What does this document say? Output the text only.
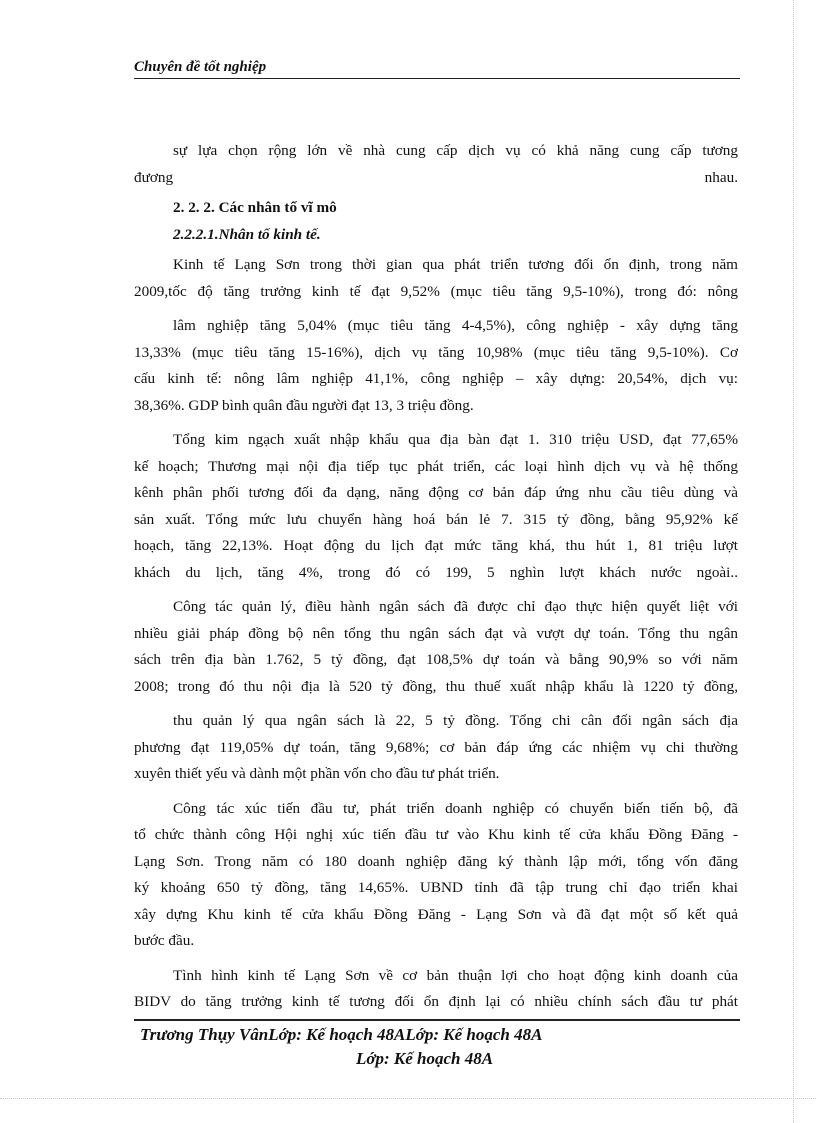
Chuyên đề tốt nghiệp
sự lựa chọn rộng lớn về nhà cung cấp dịch vụ có khả năng cung cấp tương
đương	nhau.
2. 2. 2. Các nhân tố vĩ mô
2.2.2.1.Nhân tố kinh tế.
Kinh tế Lạng Sơn trong thời gian qua phát triển tương đối ổn định, trong năm
2009,tốc độ tăng trưởng kinh tế đạt 9,52% (mục tiêu tăng 9,5-10%), trong đó: nông
lâm nghiệp tăng 5,04% (mục tiêu tăng 4-4,5%), công nghiệp - xây dựng tăng
13,33% (mục tiêu tăng 15-16%), dịch vụ tăng 10,98% (mục tiêu tăng 9,5-10%). Cơ
cấu kinh tế: nông lâm nghiệp 41,1%, công nghiệp – xây dựng: 20,54%, dịch vụ:
38,36%. GDP bình quân đầu người đạt 13, 3 triệu đồng.
Tổng kim ngạch xuất nhập khẩu qua địa bàn đạt 1. 310 triệu USD, đạt 77,65%
kế hoạch; Thương mại nội địa tiếp tục phát triển, các loại hình dịch vụ và hệ thống
kênh phân phối tương đối đa dạng, năng động cơ bản đáp ứng nhu cầu tiêu dùng và
sản xuất. Tổng mức lưu chuyển hàng hoá bán lẻ 7. 315 tỷ đồng, bằng 95,92% kế
hoạch, tăng 22,13%. Hoạt động du lịch đạt mức tăng khá, thu hút 1, 81 triệu lượt
khách du lịch, tăng 4%, trong đó có 199, 5 nghìn lượt khách nước ngoài..
Công tác quản lý, điều hành ngân sách đã được chỉ đạo thực hiện quyết liệt với
nhiều giải pháp đồng bộ nên tổng thu ngân sách đạt và vượt dự toán. Tổng thu ngân
sách trên địa bàn 1.762, 5 tỷ đồng, đạt 108,5% dự toán và bằng 90,9% so với năm
2008; trong đó thu nội địa là 520 tỷ đồng, thu thuế xuất nhập khẩu là 1220 tỷ đồng,
thu quản lý qua ngân sách là 22, 5 tỷ đồng. Tổng chi cân đối ngân sách địa
phương đạt 119,05% dự toán, tăng 9,68%; cơ bản đáp ứng các nhiệm vụ chi thường
xuyên thiết yếu và dành một phần vốn cho đầu tư phát triển.
Công tác xúc tiến đầu tư, phát triển doanh nghiệp có chuyển biến tiến bộ, đã
tổ chức thành công Hội nghị xúc tiến đầu tư vào Khu kinh tế cửa khẩu Đồng Đăng -
Lạng Sơn. Trong năm có 180 doanh nghiệp đăng ký thành lập mới, tổng vốn đăng
ký khoảng 650 tỷ đồng, tăng 14,65%. UBND tỉnh đã tập trung chỉ đạo triển khai
xây dựng Khu kinh tế cửa khẩu Đồng Đăng - Lạng Sơn và đã đạt một số kết quả
bước đầu.
Tình hình kinh tế Lạng Sơn về cơ bản thuận lợi cho hoạt động kinh doanh của
BIDV do tăng trưởng kinh tế tương đối ổn định lại có nhiều chính sách đầu tư phát
Trương Thụy VânLớp: Kế hoạch 48ALớp: Kế hoạch 48A
Lớp: Kế hoạch 48A
